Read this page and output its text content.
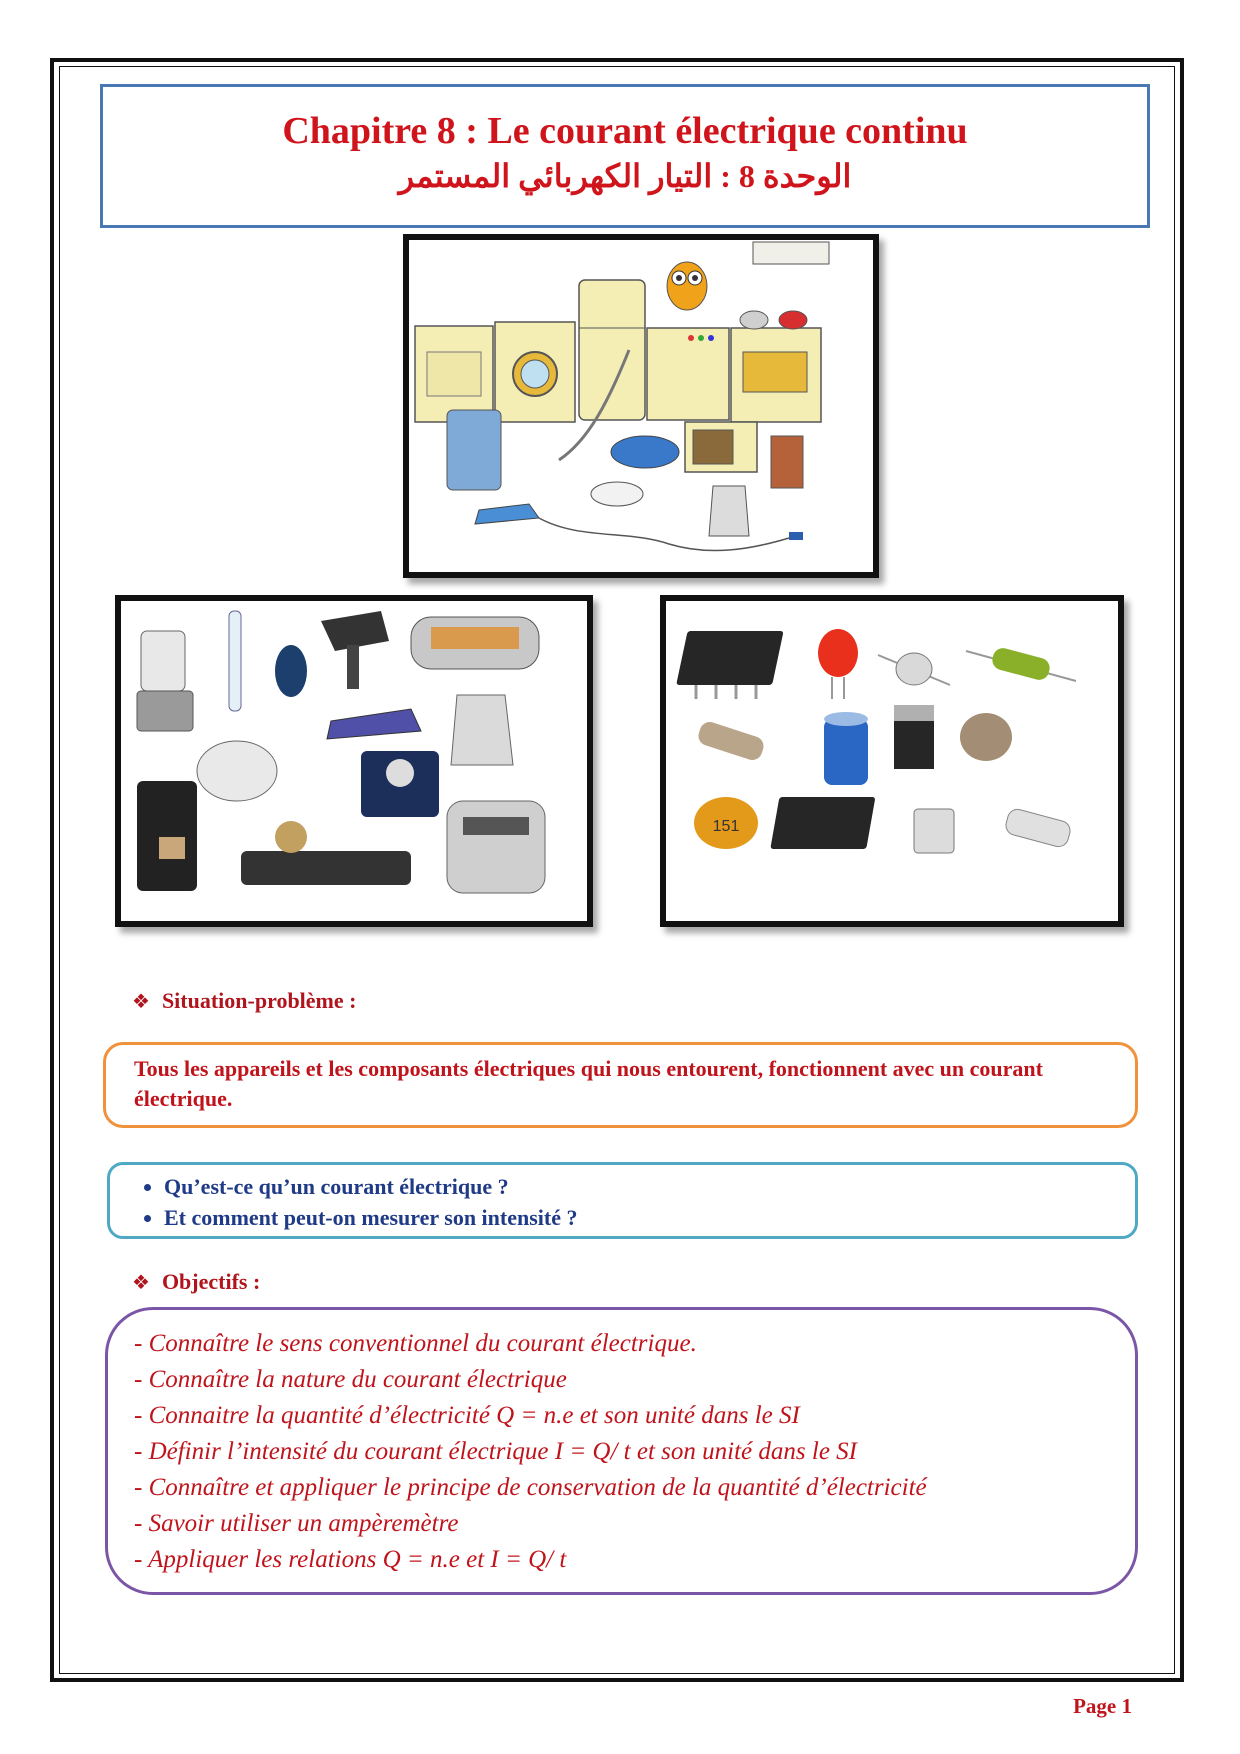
Chapitre 8 : Le courant électrique continu
الوحدة 8 : التيار الكهربائي المستمر
151
❖ Situation-problème :
Tous les appareils et les composants électriques qui nous entourent, fonctionnent avec un courant électrique.
• Qu’est-ce qu’un courant électrique ?
• Et comment peut-on mesurer son intensité ?
❖ Objectifs :
- Connaître le sens conventionnel du courant électrique.
- Connaître la nature du courant électrique
- Connaitre la quantité d’électricité Q = n.e et son unité dans le SI
- Définir l’intensité du courant électrique I = Q/ t et son unité dans le SI
- Connaître et appliquer le principe de conservation de la quantité d’électricité
- Savoir utiliser un ampèremètre
- Appliquer les relations Q = n.e et I = Q/ t
Page 1
